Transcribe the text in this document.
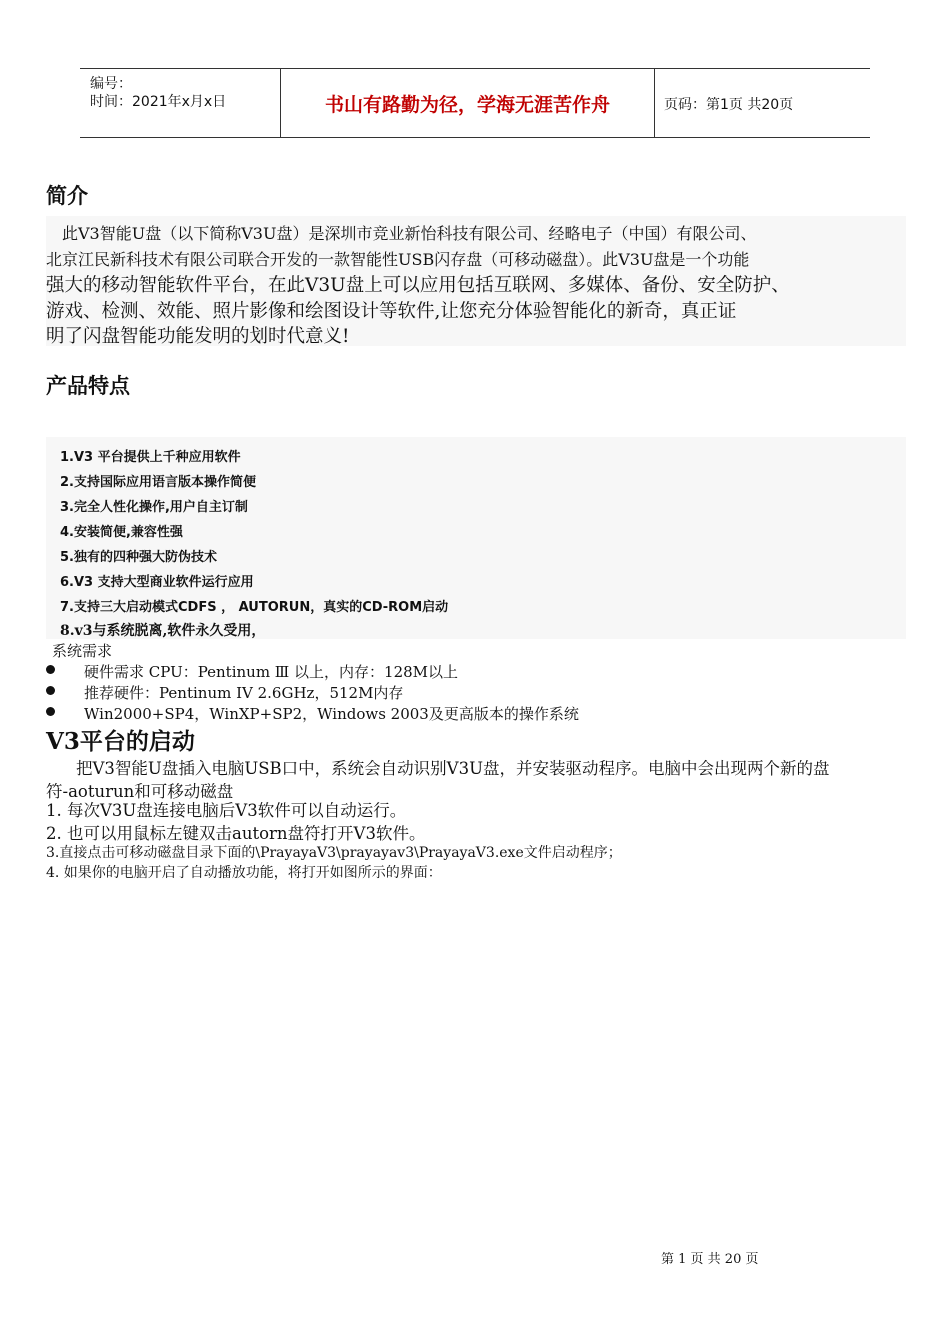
编号：
时间：2021年x月x日	书山有路勤为径，学海无涯苦作舟	页码：第1页 共20页
简介
此V3智能U盘（以下简称V3U盘）是深圳市竞业新怡科技有限公司、经略电子（中国）有限公司、
北京江民新科技术有限公司联合开发的一款智能性USB闪存盘（可移动磁盘）。此V3U盘是一个功能
强大的移动智能软件平台，在此V3U盘上可以应用包括互联网、多媒体、备份、安全防护、
游戏、检测、效能、照片影像和绘图设计等软件,让您充分体验智能化的新奇，真正证
明了闪盘智能功能发明的划时代意义!
产品特点
1.V3 平台提供上千种应用软件
2.支持国际应用语言版本操作简便
3.完全人性化操作,用户自主订制
4.安装简便,兼容性强
5.独有的四种强大防伪技术
6.V3 支持大型商业软件运行应用
7.支持三大启动模式CDFS ， AUTORUN，真实的CD-ROM启动
8.v3与系统脱离,软件永久受用，
系统需求
硬件需求 CPU：Pentinum Ⅲ 以上，内存：128M以上
推荐硬件：Pentinum IV 2.6GHz，512M内存
Win2000+SP4，WinXP+SP2，Windows 2003及更高版本的操作系统
V3平台的启动
把V3智能U盘插入电脑USB口中，系统会自动识别V3U盘，并安装驱动程序。电脑中会出现两个新的盘
符-aoturun和可移动磁盘
1. 每次V3U盘连接电脑后V3软件可以自动运行。
2. 也可以用鼠标左键双击autorn盘符打开V3软件。
3.直接点击可移动磁盘目录下面的\PrayayaV3\prayayav3\PrayayaV3.exe文件启动程序；
4. 如果你的电脑开启了自动播放功能，将打开如图所示的界面：
第 1 页 共 20 页
